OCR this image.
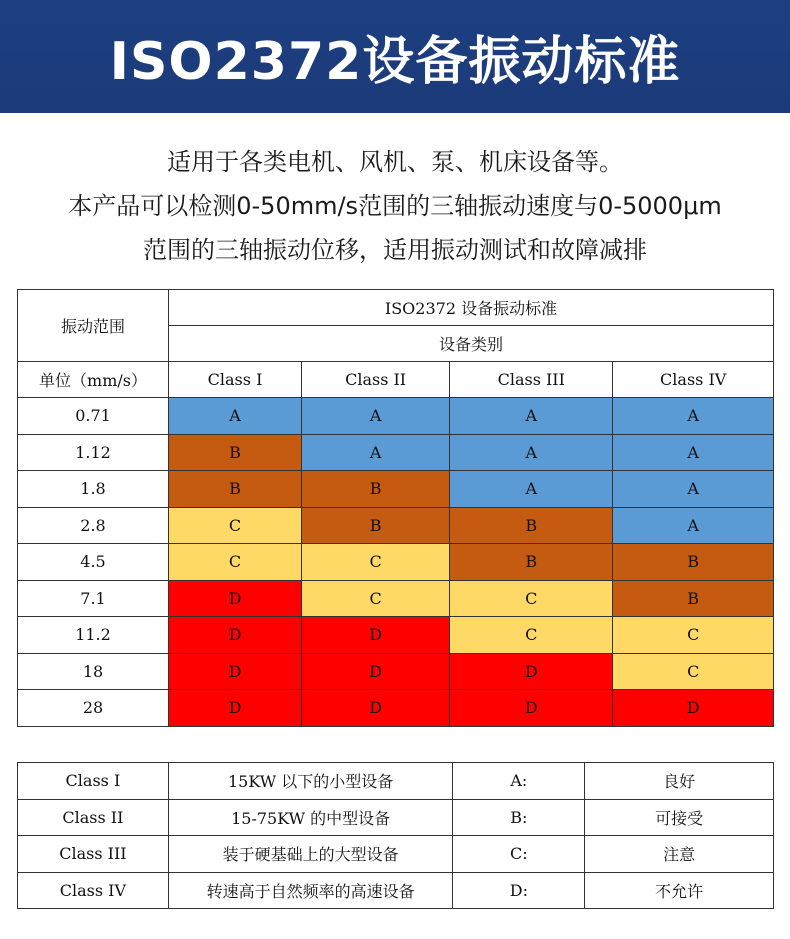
ISO2372设备振动标准
适用于各类电机、风机、泵、机床设备等。
本产品可以检测0-50mm/s范围的三轴振动速度与0-5000μm
范围的三轴振动位移，适用振动测试和故障减排
振动范围	ISO2372 设备振动标准			
	设备类别			
单位（mm/s）	Class I	Class II	Class III	Class IV
0.71	A	A	A	A
1.12	B	A	A	A
1.8	B	B	A	A
2.8	C	B	B	A
4.5	C	C	B	B
7.1	D	C	C	B
11.2	D	D	C	C
18	D	D	D	C
28	D	D	D	D
Class I	15KW 以下的小型设备	A:	良好
Class II	15-75KW 的中型设备	B:	可接受
Class III	装于硬基础上的大型设备	C:	注意
Class IV	转速高于自然频率的高速设备	D:	不允许
